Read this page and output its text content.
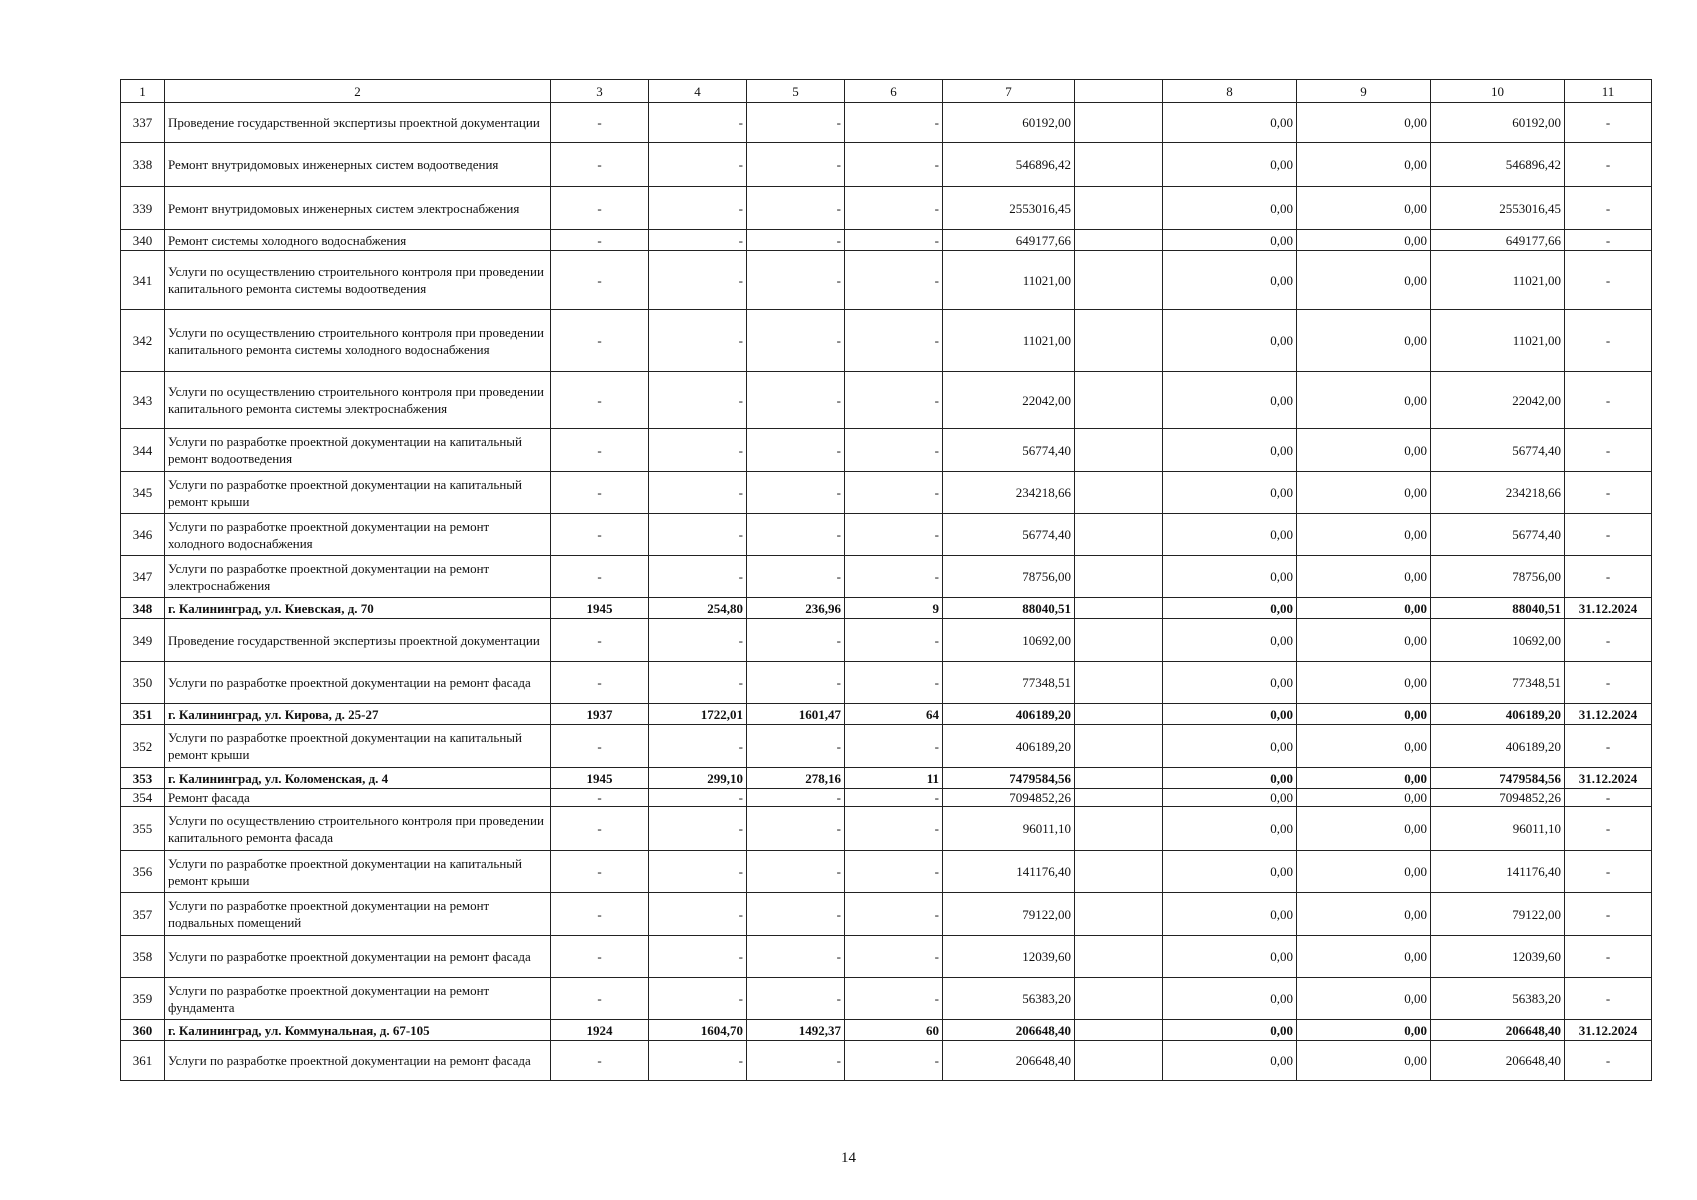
1	2	3	4	5	6	7		8	9	10	11
337	Проведение государственной экспертизы проектной документации	-	-	-	-	60192,00		0,00	0,00	60192,00	-
338	Ремонт внутридомовых инженерных систем водоотведения	-	-	-	-	546896,42		0,00	0,00	546896,42	-
339	Ремонт внутридомовых инженерных систем электроснабжения	-	-	-	-	2553016,45		0,00	0,00	2553016,45	-
340	Ремонт системы холодного водоснабжения	-	-	-	-	649177,66		0,00	0,00	649177,66	-
341	Услуги по осуществлению строительного контроля при проведении капитального ремонта системы водоотведения	-	-	-	-	11021,00		0,00	0,00	11021,00	-
342	Услуги по осуществлению строительного контроля при проведении капитального ремонта системы холодного водоснабжения	-	-	-	-	11021,00		0,00	0,00	11021,00	-
343	Услуги по осуществлению строительного контроля при проведении капитального ремонта системы электроснабжения	-	-	-	-	22042,00		0,00	0,00	22042,00	-
344	Услуги по разработке проектной документации на капитальный ремонт водоотведения	-	-	-	-	56774,40		0,00	0,00	56774,40	-
345	Услуги по разработке проектной документации на капитальный ремонт крыши	-	-	-	-	234218,66		0,00	0,00	234218,66	-
346	Услуги по разработке проектной документации на ремонт холодного водоснабжения	-	-	-	-	56774,40		0,00	0,00	56774,40	-
347	Услуги по разработке проектной документации на ремонт электроснабжения	-	-	-	-	78756,00		0,00	0,00	78756,00	-
348	г. Калининград, ул. Киевская, д. 70	1945	254,80	236,96	9	88040,51		0,00	0,00	88040,51	31.12.2024
349	Проведение государственной экспертизы проектной документации	-	-	-	-	10692,00		0,00	0,00	10692,00	-
350	Услуги по разработке проектной документации на ремонт фасада	-	-	-	-	77348,51		0,00	0,00	77348,51	-
351	г. Калининград, ул. Кирова, д. 25-27	1937	1722,01	1601,47	64	406189,20		0,00	0,00	406189,20	31.12.2024
352	Услуги по разработке проектной документации на капитальный ремонт крыши	-	-	-	-	406189,20		0,00	0,00	406189,20	-
353	г. Калининград, ул. Коломенская, д. 4	1945	299,10	278,16	11	7479584,56		0,00	0,00	7479584,56	31.12.2024
354	Ремонт фасада	-	-	-	-	7094852,26		0,00	0,00	7094852,26	-
355	Услуги по осуществлению строительного контроля при проведении капитального ремонта фасада	-	-	-	-	96011,10		0,00	0,00	96011,10	-
356	Услуги по разработке проектной документации на капитальный ремонт крыши	-	-	-	-	141176,40		0,00	0,00	141176,40	-
357	Услуги по разработке проектной документации на ремонт подвальных помещений	-	-	-	-	79122,00		0,00	0,00	79122,00	-
358	Услуги по разработке проектной документации на ремонт фасада	-	-	-	-	12039,60		0,00	0,00	12039,60	-
359	Услуги по разработке проектной документации на ремонт фундамента	-	-	-	-	56383,20		0,00	0,00	56383,20	-
360	г. Калининград, ул. Коммунальная, д. 67-105	1924	1604,70	1492,37	60	206648,40		0,00	0,00	206648,40	31.12.2024
361	Услуги по разработке проектной документации на ремонт фасада	-	-	-	-	206648,40		0,00	0,00	206648,40	-
14
